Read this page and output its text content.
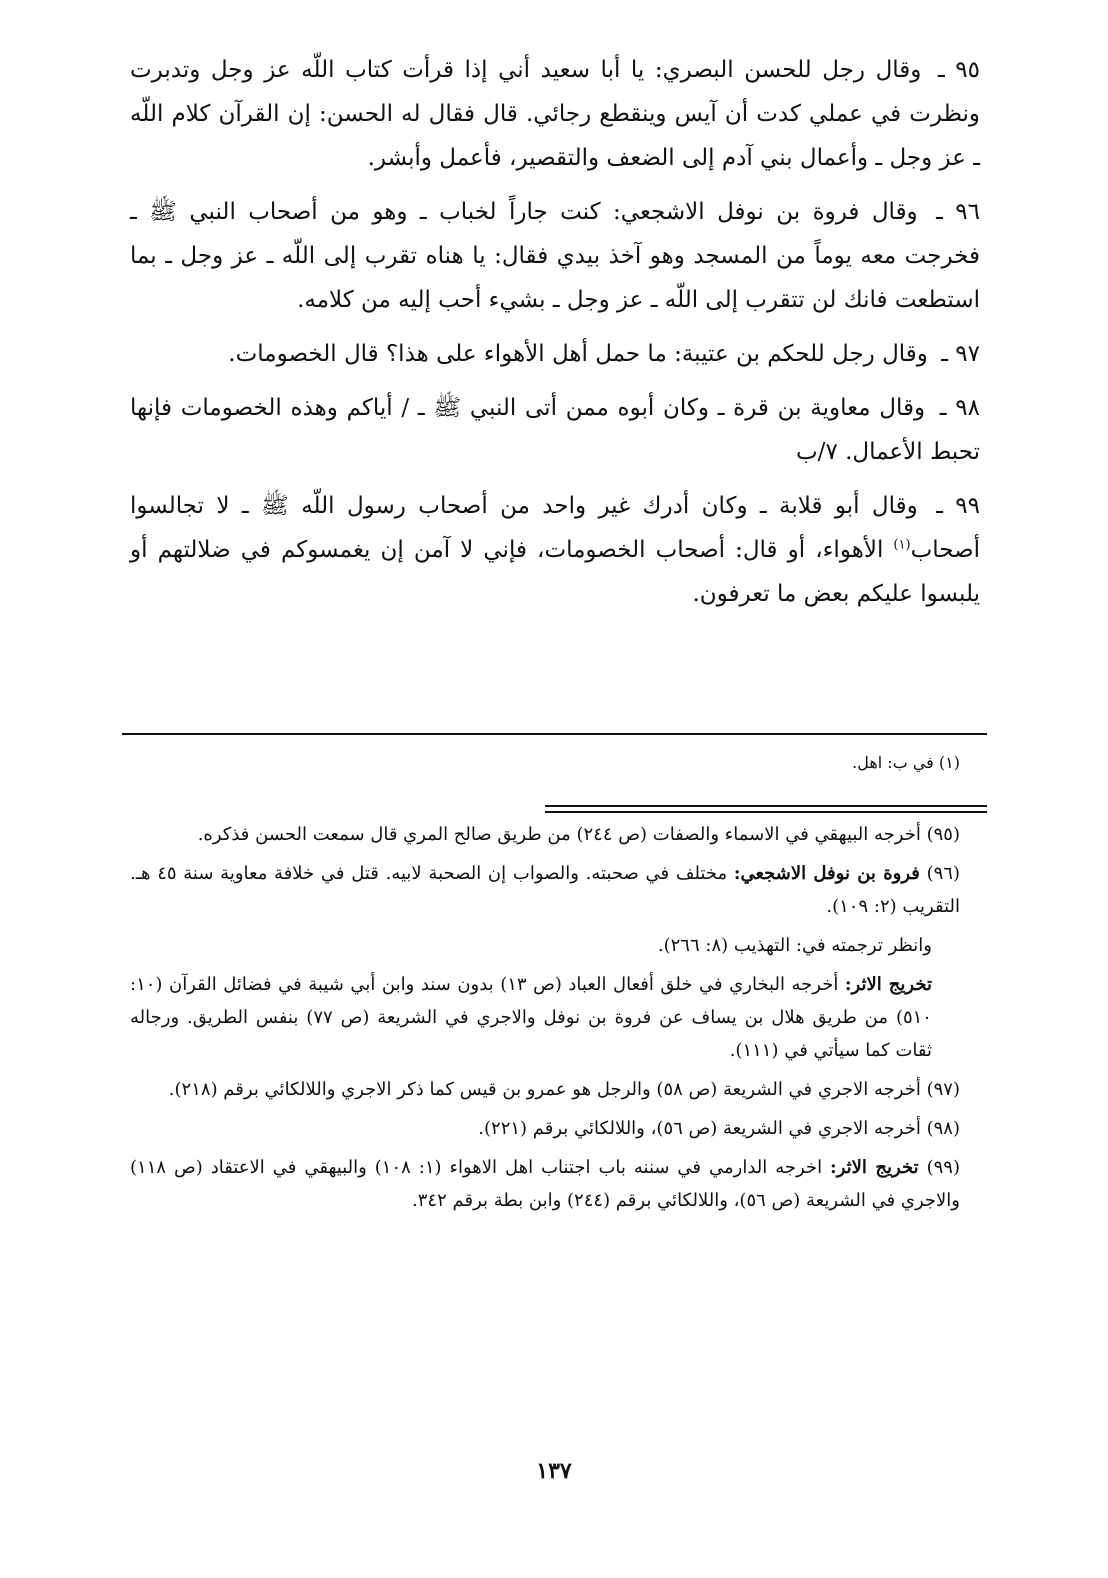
٩٥ ـ وقال رجل للحسن البصري: يا أبا سعيد أني إذا قرأت كتاب اللّه عز وجل وتدبرت ونظرت في عملي كدت أن آيس وينقطع رجائي. قال فقال له الحسن: إن القرآن كلام اللّه ـ عز وجل ـ وأعمال بني آدم إلى الضعف والتقصير، فأعمل وأبشر.

٩٦ ـ وقال فروة بن نوفل الاشجعي: كنت جاراً لخباب ـ وهو من أصحاب النبي ﷺ ـ فخرجت معه يوماً من المسجد وهو آخذ بيدي فقال: يا هناه تقرب إلى اللّه ـ عز وجل ـ بما استطعت فانك لن تتقرب إلى اللّه ـ عز وجل ـ بشيء أحب إليه من كلامه.

٩٧ ـ وقال رجل للحكم بن عتيبة: ما حمل أهل الأهواء على هذا؟ قال الخصومات.

٩٨ ـ وقال معاوية بن قرة ـ وكان أبوه ممن أتى النبي ﷺ ـ / أياكم وهذه الخصومات فإنها تحبط الأعمال. ٧/ب

٩٩ ـ وقال أبو قلابة ـ وكان أدرك غير واحد من أصحاب رسول اللّه ﷺ ـ لا تجالسوا أصحاب$^{(١)}$ الأهواء، أو قال: أصحاب الخصومات، فإني لا آمن إن يغمسوكم في ضلالتهم أو يلبسوا عليكم بعض ما تعرفون.

(١) في ب: اهل.

(٩٥) أخرجه البيهقي في الاسماء والصفات (ص ٢٤٤) من طريق صالح المري قال سمعت الحسن فذكره.

(٩٦) فروة بن نوفل الاشجعي: مختلف في صحبته. والصواب إن الصحبة لابيه. قتل في خلافة معاوية سنة ٤٥ هـ. التقريب (٢: ١٠٩).

وانظر ترجمته في: التهذيب (٨: ٢٦٦).

تخريج الاثر: أخرجه البخاري في خلق أفعال العباد (ص ١٣) بدون سند وابن أبي شيبة في فضائل القرآن (١٠: ٥١٠) من طريق هلال بن يساف عن فروة بن نوفل والاجري في الشريعة (ص ٧٧) بنفس الطريق. ورجاله ثقات كما سيأتي في (١١١).

(٩٧) أخرجه الاجري في الشريعة (ص ٥٨) والرجل هو عمرو بن قيس كما ذكر الاجري واللالكائي برقم (٢١٨).

(٩٨) أخرجه الاجري في الشريعة (ص ٥٦)، واللالكائي برقم (٢٢١).

(٩٩) تخريج الاثر: اخرجه الدارمي في سننه باب اجتناب اهل الاهواء (١: ١٠٨) والبيهقي في الاعتقاد (ص ١١٨) والاجري في الشريعة (ص ٥٦)، واللالكائي برقم (٢٤٤) وابن بطة برقم ٣٤٢.

١٣٧
